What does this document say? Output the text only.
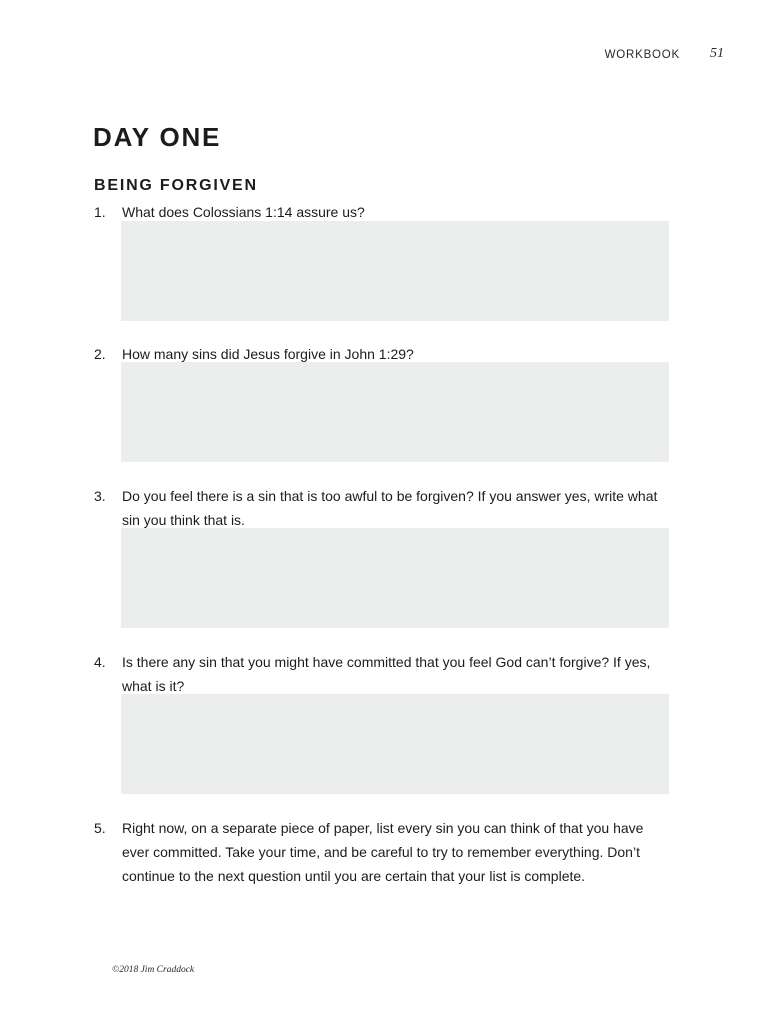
WORKBOOK	51
DAY ONE
BEING FORGIVEN
1. What does Colossians 1:14 assure us?
2. How many sins did Jesus forgive in John 1:29?
3. Do you feel there is a sin that is too awful to be forgiven? If you answer yes, write what sin you think that is.
4. Is there any sin that you might have committed that you feel God can’t forgive? If yes, what is it?
5. Right now, on a separate piece of paper, list every sin you can think of that you have ever committed. Take your time, and be careful to try to remember everything. Don’t continue to the next question until you are certain that your list is complete.
©2018 Jim Craddock
